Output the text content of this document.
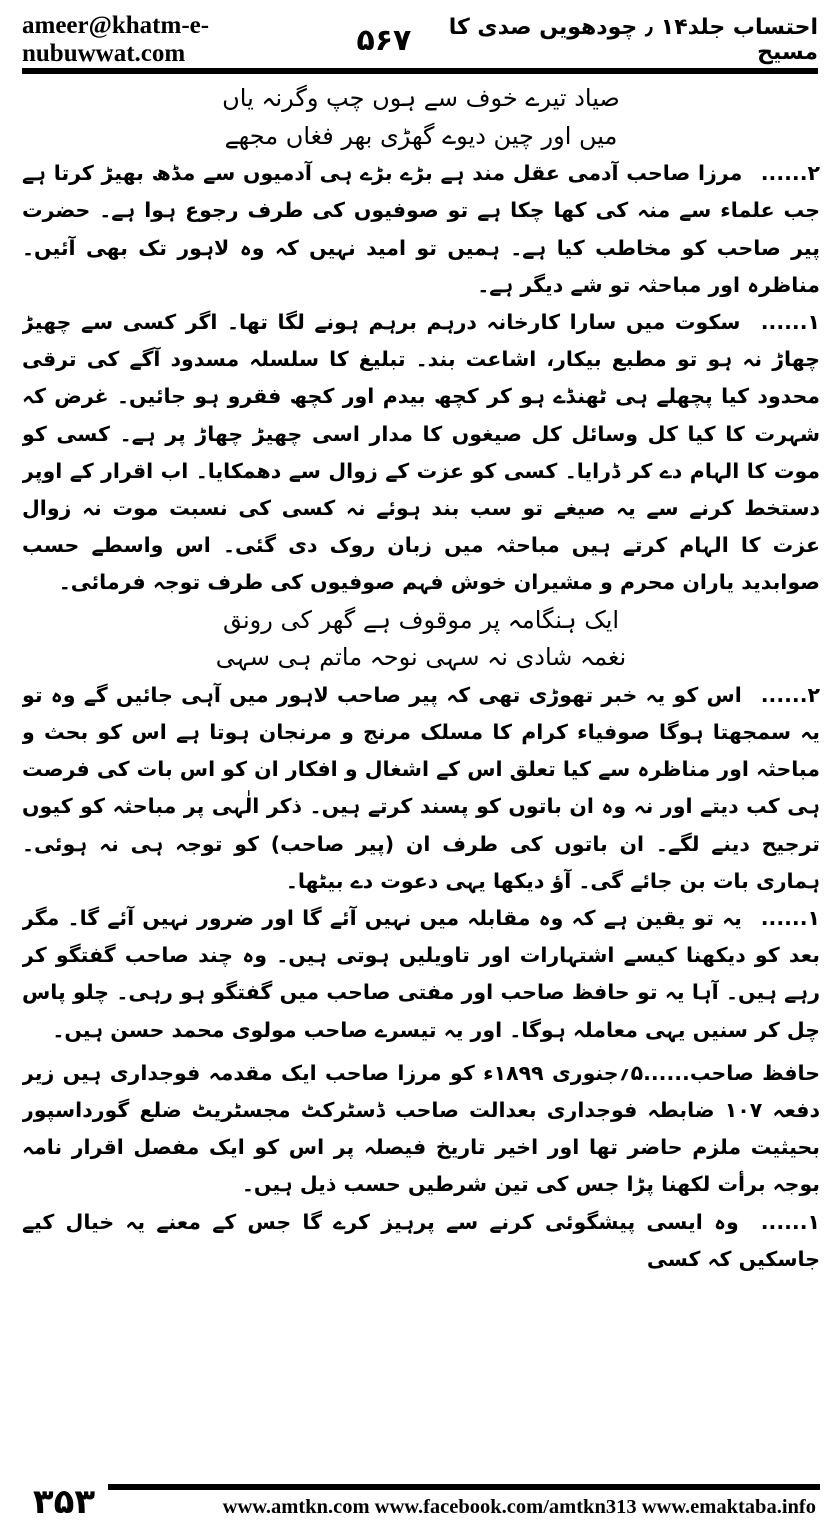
ameer@khatm-e-nubuwwat.com	۵۶۷	احتساب جلد۱۴ ٫ چودھویں صدی کا مسیح

صیاد تیرے خوف سے ہوں چپ وگرنہ یاں

میں اور چین دیوے گھڑی بھر فغاں مجھے

۲...... مرزا صاحب آدمی عقل مند ہے بڑے بڑے ہی آدمیوں سے مڈھ بھیڑ کرتا ہے جب علماء سے منہ کی کھا چکا ہے تو صوفیوں کی طرف رجوع ہوا ہے۔ حضرت پیر صاحب کو مخاطب کیا ہے۔ ہمیں تو امید نہیں کہ وہ لاہور تک بھی آئیں۔ مناظرہ اور مباحثہ تو شے دیگر ہے۔

۱...... سکوت میں سارا کارخانہ درہم برہم ہونے لگا تھا۔ اگر کسی سے چھیڑ چھاڑ نہ ہو تو مطبع بیکار، اشاعت بند۔ تبلیغ کا سلسلہ مسدود آگے کی ترقی محدود کیا پچھلے ہی ٹھنڈے ہو کر کچھ بیدم اور کچھ فقرو ہو جائیں۔ غرض کہ شہرت کا کیا کل وسائل کل صیغوں کا مدار اسی چھیڑ چھاڑ پر ہے۔ کسی کو موت کا الہام دے کر ڈرایا۔ کسی کو عزت کے زوال سے دھمکایا۔ اب اقرار کے اوپر دستخط کرنے سے یہ صیغے تو سب بند ہوئے نہ کسی کی نسبت موت نہ زوال عزت کا الہام کرتے ہیں مباحثہ میں زبان روک دی گئی۔ اس واسطے حسب صوابدید یاران محرم و مشیران خوش فہم صوفیوں کی طرف توجہ فرمائی۔

ایک ہنگامہ پر موقوف ہے گھر کی رونق

نغمہ شادی نہ سہی نوحہ ماتم ہی سہی

۲...... اس کو یہ خبر تھوڑی تھی کہ پیر صاحب لاہور میں آہی جائیں گے وہ تو یہ سمجھتا ہوگا صوفیاء کرام کا مسلک مرنج و مرنجان ہوتا ہے اس کو بحث و مباحثہ اور مناظرہ سے کیا تعلق اس کے اشغال و افکار ان کو اس بات کی فرصت ہی کب دیتے اور نہ وہ ان باتوں کو پسند کرتے ہیں۔ ذکر الٰہی پر مباحثہ کو کیوں ترجیح دینے لگے۔ ان باتوں کی طرف ان (پیر صاحب) کو توجہ ہی نہ ہوئی۔ ہماری بات بن جائے گی۔ آؤ دیکھا یہی دعوت دے بیٹھا۔

۱...... یہ تو یقین ہے کہ وہ مقابلہ میں نہیں آئے گا اور ضرور نہیں آئے گا۔ مگر بعد کو دیکھنا کیسے اشتہارات اور تاویلیں ہوتی ہیں۔ وہ چند صاحب گفتگو کر رہے ہیں۔ آہا یہ تو حافظ صاحب اور مفتی صاحب میں گفتگو ہو رہی۔ چلو پاس چل کر سنیں یہی معاملہ ہوگا۔ اور یہ تیسرے صاحب مولوی محمد حسن ہیں۔

حافظ صاحب......۵؍جنوری ۱۸۹۹ء کو مرزا صاحب ایک مقدمہ فوجداری ہیں زیر دفعہ ۱۰۷ ضابطہ فوجداری بعدالت صاحب ڈسٹرکٹ مجسٹریٹ ضلع گورداسپور بحیثیت ملزم حاضر تھا اور اخیر تاریخ فیصلہ پر اس کو ایک مفصل اقرار نامہ بوجہ برأت لکھنا پڑا جس کی تین شرطیں حسب ذیل ہیں۔

۱...... وہ ایسی پیشگوئی کرنے سے پرہیز کرے گا جس کے معنے یہ خیال کیے جاسکیں کہ کسی

۳۵۳	www.amtkn.com www.facebook.com/amtkn313 www.emaktaba.info
